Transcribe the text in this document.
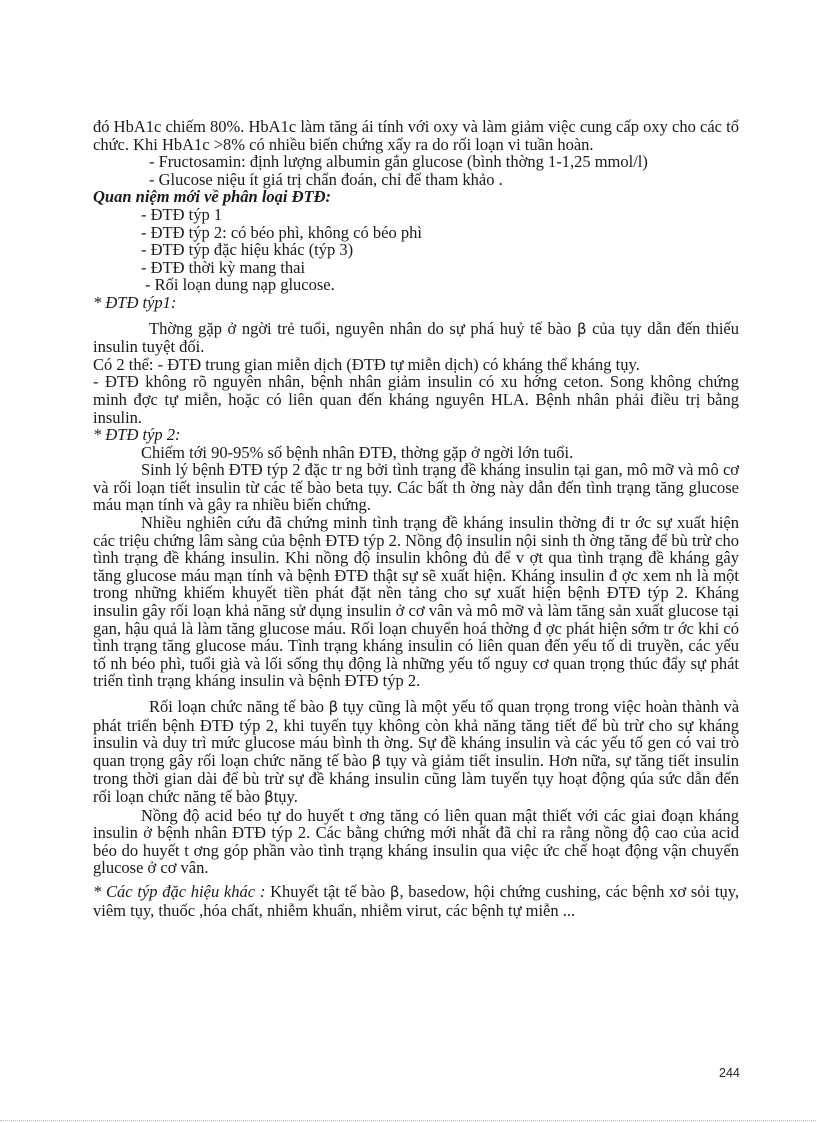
đó HbA1c chiếm 80%. HbA1c làm tăng ái tính với oxy và làm giảm việc cung cấp oxy cho các tổ chức. Khi HbA1c >8% có nhiều biến chứng xẩy ra do rối loạn vi tuần hoàn.

- Fructosamin: định lượng albumin gắn glucose (bình thờng 1-1,25 mmol/l)

- Glucose niệu ít giá trị chẩn đoán, chỉ để tham khảo .

Quan niệm mới về phân loại ĐTĐ:

- ĐTĐ týp 1

- ĐTĐ týp 2: có béo phì, không có béo phì

- ĐTĐ týp đặc hiệu khác (týp 3)

- ĐTĐ thời kỳ mang thai

- Rối loạn dung nạp glucose.

* ĐTĐ týp1:

Thờng gặp ở ngời trẻ tuổi, nguyên nhân do sự phá huỷ tế bào β của tụy dẫn đến thiếu insulin tuyệt đối.

Có 2 thể: - ĐTĐ trung gian miễn dịch (ĐTĐ tự miễn dịch) có kháng thể kháng tụy.

- ĐTĐ không rõ nguyên nhân, bệnh nhân giảm insulin có xu hớng ceton. Song không chứng minh đợc tự miễn, hoặc có liên quan đến kháng nguyên HLA. Bệnh nhân phải điều trị bằng insulin.

* ĐTĐ týp 2:

Chiếm tới 90-95% số bệnh nhân ĐTĐ, thờng gặp ở ngời lớn tuổi.

Sinh lý bệnh ĐTĐ týp 2 đặc tr ng bởi tình trạng đề kháng insulin tại gan, mô mỡ và mô cơ và rối loạn tiết insulin từ các tế bào beta tụy. Các bất th ờng này dẫn đến tình trạng tăng glucose máu mạn tính và gây ra nhiều biến chứng.

Nhiều nghiên cứu đã chứng minh tình trạng đề kháng insulin thờng đi tr ớc sự xuất hiện các triệu chứng lâm sàng của bệnh ĐTĐ týp 2. Nồng độ insulin nội sinh th ờng tăng để bù trừ cho tình trạng đề kháng insulin. Khi nồng độ insulin không đủ để v ợt qua tình trạng đề kháng gây tăng glucose máu mạn tính và bệnh ĐTĐ thật sự sẽ xuất hiện. Kháng insulin đ ợc xem nh là một trong những khiếm khuyết tiền phát đặt nền tảng cho sự xuất hiện bệnh ĐTĐ týp 2. Kháng insulin gây rối loạn khả năng sử dụng insulin ở cơ vân và mô mỡ và làm tăng sản xuất glucose tại gan, hậu quả là làm tăng glucose máu. Rối loạn chuyển hoá thờng đ ợc phát hiện sớm tr ớc khi có tình trạng tăng glucose máu. Tình trạng kháng insulin có liên quan đến yếu tố di truyền, các yếu tố nh béo phì, tuổi già và lối sống thụ động là những yếu tố nguy cơ quan trọng thúc đẩy sự phát triển tình trạng kháng insulin và bệnh ĐTĐ týp 2.

Rối loạn chức năng tế bào β tụy cũng là một yếu tố quan trọng trong việc hoàn thành và phát triển bệnh ĐTĐ týp 2, khi tuyến tụy không còn khả năng tăng tiết để bù trừ cho sự kháng insulin và duy trì mức glucose máu bình th ờng. Sự đề kháng insulin và các yếu tố gen có vai trò quan trọng gây rối loạn chức năng tế bào β tụy và giảm tiết insulin. Hơn nữa, sự tăng tiết insulin trong thời gian dài để bù trừ sự đề kháng insulin cũng làm tuyến tụy hoạt động qúa sức dẫn đến rối loạn chức năng tế bào βtụy.

Nồng độ acid béo tự do huyết t ơng tăng có liên quan mật thiết với các giai đoạn kháng insulin ở bệnh nhân ĐTĐ týp 2. Các bằng chứng mới nhất đã chỉ ra rằng nồng độ cao của acid béo do huyết t ơng góp phần vào tình trạng kháng insulin qua việc ức chế hoạt động vận chuyển glucose ở cơ vân.

* Các týp đặc hiệu khác : Khuyết tật tế bào β, basedow, hội chứng cushing, các bệnh xơ sỏi tụy, viêm tụy, thuốc ,hóa chất, nhiễm khuẩn, nhiễm virut, các bệnh tự miễn ...

244
